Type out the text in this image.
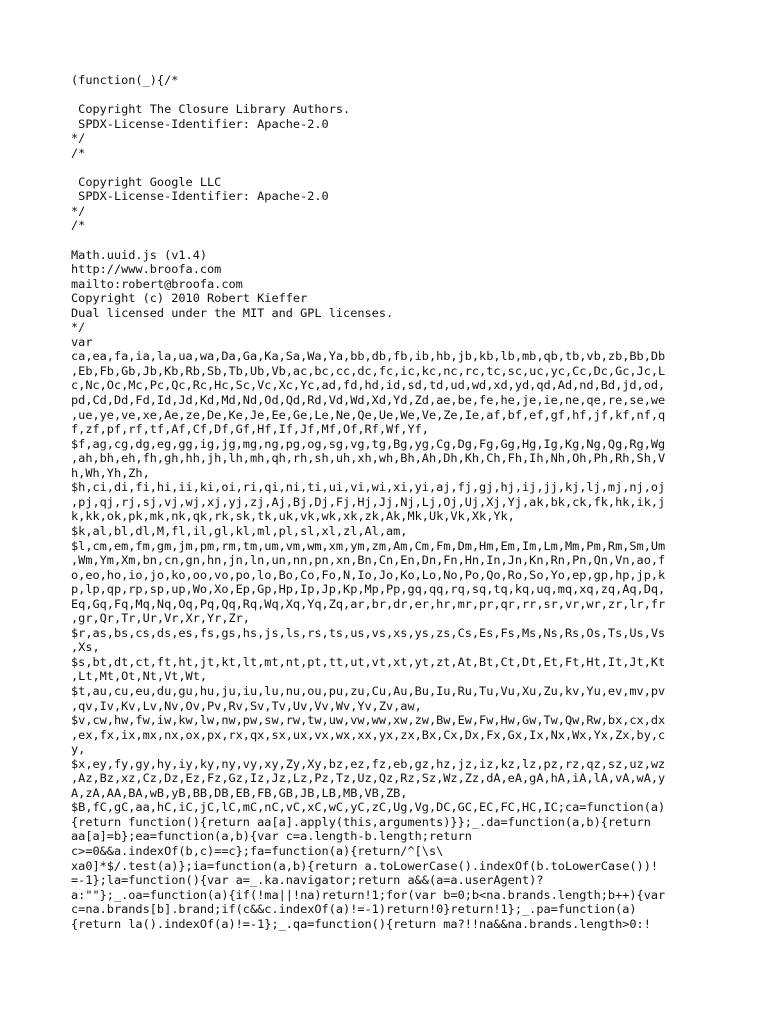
(function(_){/*
Copyright The Closure Library Authors.
SPDX-License-Identifier: Apache-2.0
*/
/*
Copyright Google LLC
SPDX-License-Identifier: Apache-2.0
*/
/*
Math.uuid.js (v1.4)
http://www.broofa.com
mailto:robert@broofa.com
Copyright (c) 2010 Robert Kieffer
Dual licensed under the MIT and GPL licenses.
*/
var
ca,ea,fa,ia,la,ua,wa,Da,Ga,Ka,Sa,Wa,Ya,bb,db,fb,ib,hb,jb,kb,lb,mb,qb,tb,vb,zb,Bb,Db
,Eb,Fb,Gb,Jb,Kb,Rb,Sb,Tb,Ub,Vb,ac,bc,cc,dc,fc,ic,kc,nc,rc,tc,sc,uc,yc,Cc,Dc,Gc,Jc,L
c,Nc,Oc,Mc,Pc,Qc,Rc,Hc,Sc,Vc,Xc,Yc,ad,fd,hd,id,sd,td,ud,wd,xd,yd,qd,Ad,nd,Bd,jd,od,
pd,Cd,Dd,Fd,Id,Jd,Kd,Md,Nd,Od,Qd,Rd,Vd,Wd,Xd,Yd,Zd,ae,be,fe,he,je,ie,ne,qe,re,se,we
,ue,ye,ve,xe,Ae,ze,De,Ke,Je,Ee,Ge,Le,Ne,Qe,Ue,We,Ve,Ze,Ie,af,bf,ef,gf,hf,jf,kf,nf,q
f,zf,pf,rf,tf,Af,Cf,Df,Gf,Hf,If,Jf,Mf,Of,Rf,Wf,Yf,
$f,ag,cg,dg,eg,gg,ig,jg,mg,ng,pg,og,sg,vg,tg,Bg,yg,Cg,Dg,Fg,Gg,Hg,Ig,Kg,Ng,Qg,Rg,Wg
,ah,bh,eh,fh,gh,hh,jh,lh,mh,qh,rh,sh,uh,xh,wh,Bh,Ah,Dh,Kh,Ch,Fh,Ih,Nh,Oh,Ph,Rh,Sh,V
h,Wh,Yh,Zh,
$h,ci,di,fi,hi,ii,ki,oi,ri,qi,ni,ti,ui,vi,wi,xi,yi,aj,fj,gj,hj,ij,jj,kj,lj,mj,nj,oj
,pj,qj,rj,sj,vj,wj,xj,yj,zj,Aj,Bj,Dj,Fj,Hj,Jj,Nj,Lj,Oj,Uj,Xj,Yj,ak,bk,ck,fk,hk,ik,j
k,kk,ok,pk,mk,nk,qk,rk,sk,tk,uk,vk,wk,xk,zk,Ak,Mk,Uk,Vk,Xk,Yk,
$k,al,bl,dl,M,fl,il,gl,kl,ml,pl,sl,xl,zl,Al,am,
$l,cm,em,fm,gm,jm,pm,rm,tm,um,vm,wm,xm,ym,zm,Am,Cm,Fm,Dm,Hm,Em,Im,Lm,Mm,Pm,Rm,Sm,Um
,Wm,Ym,Xm,bn,cn,gn,hn,jn,ln,un,nn,pn,xn,Bn,Cn,En,Dn,Fn,Hn,In,Jn,Kn,Rn,Pn,Qn,Vn,ao,f
o,eo,ho,io,jo,ko,oo,vo,po,lo,Bo,Co,Fo,N,Io,Jo,Ko,Lo,No,Po,Qo,Ro,So,Yo,ep,gp,hp,jp,k
p,lp,qp,rp,sp,up,Wo,Xo,Ep,Gp,Hp,Ip,Jp,Kp,Mp,Pp,gq,qq,rq,sq,tq,kq,uq,mq,xq,zq,Aq,Dq,
Eq,Gq,Fq,Mq,Nq,Oq,Pq,Qq,Rq,Wq,Xq,Yq,Zq,ar,br,dr,er,hr,mr,pr,qr,rr,sr,vr,wr,zr,lr,fr
,gr,Qr,Tr,Ur,Vr,Xr,Yr,Zr,
$r,as,bs,cs,ds,es,fs,gs,hs,js,ls,rs,ts,us,vs,xs,ys,zs,Cs,Es,Fs,Ms,Ns,Rs,Os,Ts,Us,Vs
,Xs,
$s,bt,dt,ct,ft,ht,jt,kt,lt,mt,nt,pt,tt,ut,vt,xt,yt,zt,At,Bt,Ct,Dt,Et,Ft,Ht,It,Jt,Kt
,Lt,Mt,Ot,Nt,Vt,Wt,
$t,au,cu,eu,du,gu,hu,ju,iu,lu,nu,ou,pu,zu,Cu,Au,Bu,Iu,Ru,Tu,Vu,Xu,Zu,kv,Yu,ev,mv,pv
,qv,Iv,Kv,Lv,Nv,Ov,Pv,Rv,Sv,Tv,Uv,Vv,Wv,Yv,Zv,aw,
$v,cw,hw,fw,iw,kw,lw,nw,pw,sw,rw,tw,uw,vw,ww,xw,zw,Bw,Ew,Fw,Hw,Gw,Tw,Qw,Rw,bx,cx,dx
,ex,fx,ix,mx,nx,ox,px,rx,qx,sx,ux,vx,wx,xx,yx,zx,Bx,Cx,Dx,Fx,Gx,Ix,Nx,Wx,Yx,Zx,by,c
y,
$x,ey,fy,gy,hy,iy,ky,ny,vy,xy,Zy,Xy,bz,ez,fz,eb,gz,hz,jz,iz,kz,lz,pz,rz,qz,sz,uz,wz
,Az,Bz,xz,Cz,Dz,Ez,Fz,Gz,Iz,Jz,Lz,Pz,Tz,Uz,Qz,Rz,Sz,Wz,Zz,dA,eA,gA,hA,iA,lA,vA,wA,y
A,zA,AA,BA,wB,yB,BB,DB,EB,FB,GB,JB,LB,MB,VB,ZB,
$B,fC,gC,aa,hC,iC,jC,lC,mC,nC,vC,xC,wC,yC,zC,Ug,Vg,DC,GC,EC,FC,HC,IC;ca=function(a)
{return function(){return aa[a].apply(this,arguments)}};_.da=function(a,b){return
aa[a]=b};ea=function(a,b){var c=a.length-b.length;return
c>=0&&a.indexOf(b,c)==c};fa=function(a){return/^[\s\
xa0]*$/.test(a)};ia=function(a,b){return a.toLowerCase().indexOf(b.toLowerCase())!
=-1};la=function(){var a=_.ka.navigator;return a&&(a=a.userAgent)?
a:""};_.oa=function(a){if(!ma||!na)return!1;for(var b=0;b<na.brands.length;b++){var
c=na.brands[b].brand;if(c&&c.indexOf(a)!=-1)return!0}return!1};_.pa=function(a)
{return la().indexOf(a)!=-1};_.qa=function(){return ma?!!na&&na.brands.length>0:!
